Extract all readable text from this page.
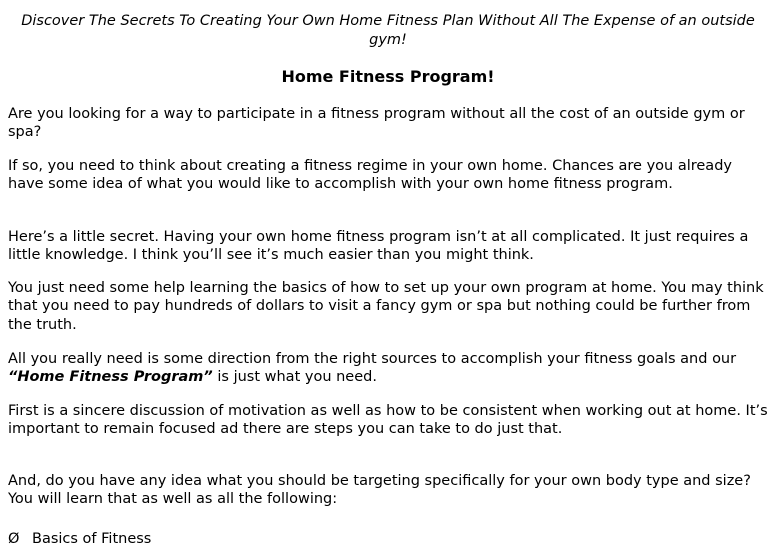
Discover The Secrets To Creating Your Own Home Fitness Plan Without All The Expense of an outside gym!
Home Fitness Program!

Are you looking for a way to participate in a fitness program without all the cost of an outside gym or spa?

If so, you need to think about creating a fitness regime in your own home. Chances are you already have some idea of what you would like to accomplish with your own home fitness program.

Here’s a little secret. Having your own home fitness program isn’t at all complicated. It just requires a little knowledge. I think you’ll see it’s much easier than you might think.

You just need some help learning the basics of how to set up your own program at home. You may think that you need to pay hundreds of dollars to visit a fancy gym or spa but nothing could be further from the truth.

All you really need is some direction from the right sources to accomplish your fitness goals and our “Home Fitness Program” is just what you need.

First is a sincere discussion of motivation as well as how to be consistent when working out at home. It’s important to remain focused ad there are steps you can take to do just that.

And, do you have any idea what you should be targeting specifically for your own body type and size? You will learn that as well as all the following:

Ø Basics of Fitness
